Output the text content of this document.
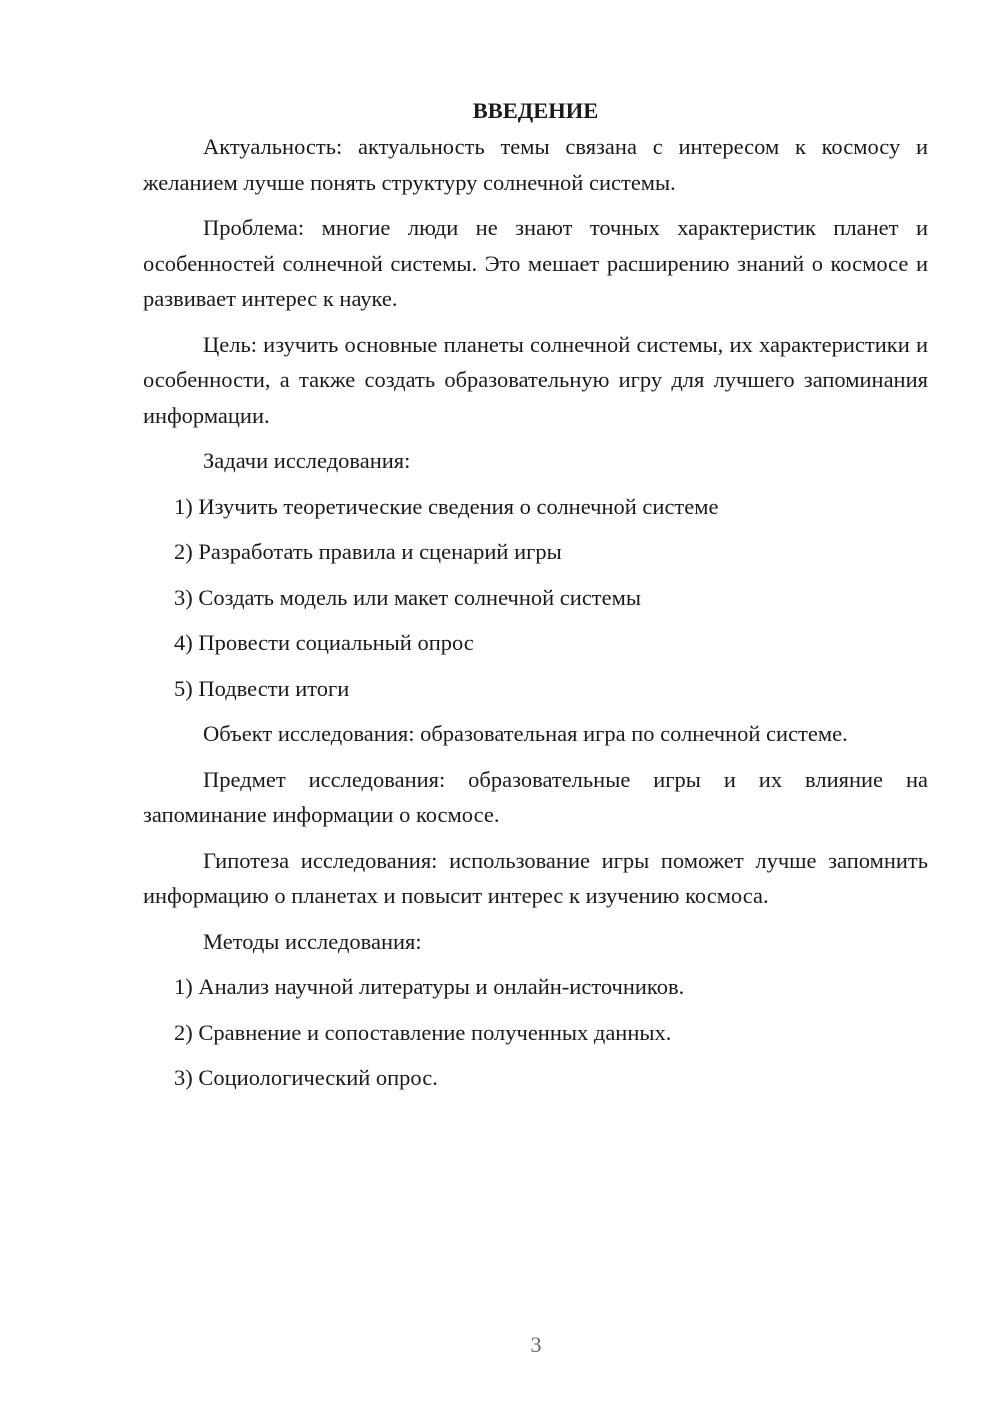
ВВЕДЕНИЕ

Актуальность: актуальность темы связана с интересом к космосу и желанием лучше понять структуру солнечной системы.

Проблема: многие люди не знают точных характеристик планет и особенностей солнечной системы. Это мешает расширению знаний о космосе и развивает интерес к науке.

Цель: изучить основные планеты солнечной системы, их характеристики и особенности, а также создать образовательную игру для лучшего запоминания информации.

Задачи исследования:

1) Изучить теоретические сведения о солнечной системе

2) Разработать правила и сценарий игры

3) Создать модель или макет солнечной системы

4) Провести социальный опрос

5) Подвести итоги

Объект исследования: образовательная игра по солнечной системе.

Предмет исследования: образовательные игры и их влияние на запоминание информации о космосе.

Гипотеза исследования: использование игры поможет лучше запомнить информацию о планетах и повысит интерес к изучению космоса.

Методы исследования:

1) Анализ научной литературы и онлайн-источников.

2) Сравнение и сопоставление полученных данных.

3) Социологический опрос.

3
